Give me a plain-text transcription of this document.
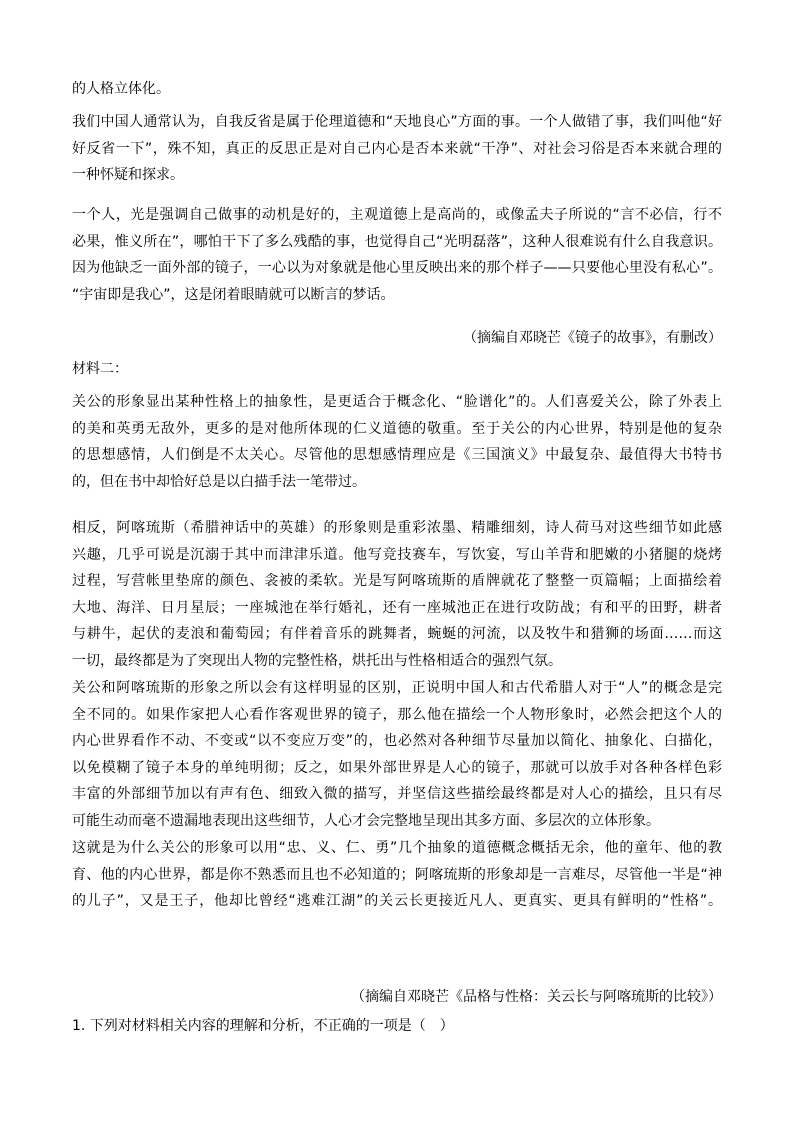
的人格立体化。
我们中国人通常认为，自我反省是属于伦理道德和“天地良心”方面的事。一个人做错了事，我们叫他“好
好反省一下”，殊不知，真正的反思正是对自己内心是否本来就“干净”、对社会习俗是否本来就合理的
一种怀疑和探求。
一个人，光是强调自己做事的动机是好的，主观道德上是高尚的，或像孟夫子所说的“言不必信，行不
必果，惟义所在”，哪怕干下了多么残酷的事，也觉得自己“光明磊落”，这种人很难说有什么自我意识。
因为他缺乏一面外部的镜子，一心以为对象就是他心里反映出来的那个样子——只要他心里没有私心”。
“宇宙即是我心”，这是闭着眼睛就可以断言的梦话。

（摘编自邓晓芒《镜子的故事》，有删改）

材料二：

关公的形象显出某种性格上的抽象性，是更适合于概念化、“脸谱化”的。人们喜爱关公，除了外表上
的美和英勇无敌外，更多的是对他所体现的仁义道德的敬重。至于关公的内心世界，特别是他的复杂
的思想感情，人们倒是不太关心。尽管他的思想感情理应是《三国演义》中最复杂、最值得大书特书
的，但在书中却恰好总是以白描手法一笔带过。
相反，阿喀琉斯（希腊神话中的英雄）的形象则是重彩浓墨、精雕细刻，诗人荷马对这些细节如此感
兴趣，几乎可说是沉溺于其中而津津乐道。他写竞技赛车，写饮宴，写山羊背和肥嫩的小猪腿的烧烤
过程，写营帐里垫席的颜色、衾被的柔软。光是写阿喀琉斯的盾牌就花了整整一页篇幅；上面描绘着
大地、海洋、日月星辰；一座城池在举行婚礼，还有一座城池正在进行攻防战；有和平的田野，耕者
与耕牛，起伏的麦浪和葡萄园；有伴着音乐的跳舞者，蜿蜒的河流，以及牧牛和猎狮的场面……而这
一切，最终都是为了突现出人物的完整性格，烘托出与性格相适合的强烈气氛。
关公和阿喀琉斯的形象之所以会有这样明显的区别，正说明中国人和古代希腊人对于“人”的概念是完
全不同的。如果作家把人心看作客观世界的镜子，那么他在描绘一个人物形象时，必然会把这个人的
内心世界看作不动、不变或“以不变应万变”的，也必然对各种细节尽量加以简化、抽象化、白描化，
以免模糊了镜子本身的单纯明彻；反之，如果外部世界是人心的镜子，那就可以放手对各种各样色彩
丰富的外部细节加以有声有色、细致入微的描写，并坚信这些描绘最终都是对人心的描绘，且只有尽
可能生动而毫不遗漏地表现出这些细节，人心才会完整地呈现出其多方面、多层次的立体形象。
这就是为什么关公的形象可以用“忠、义、仁、勇”几个抽象的道德概念概括无余，他的童年、他的教
育、他的内心世界，都是你不熟悉而且也不必知道的；阿喀琉斯的形象却是一言难尽，尽管他一半是“神
的儿子”，又是王子，他却比曾经“逃难江湖”的关云长更接近凡人、更真实、更具有鲜明的“性格”。

（摘编自邓晓芒《品格与性格：关云长与阿喀琉斯的比较》）

1. 下列对材料相关内容的理解和分析，不正确的一项是（　）
